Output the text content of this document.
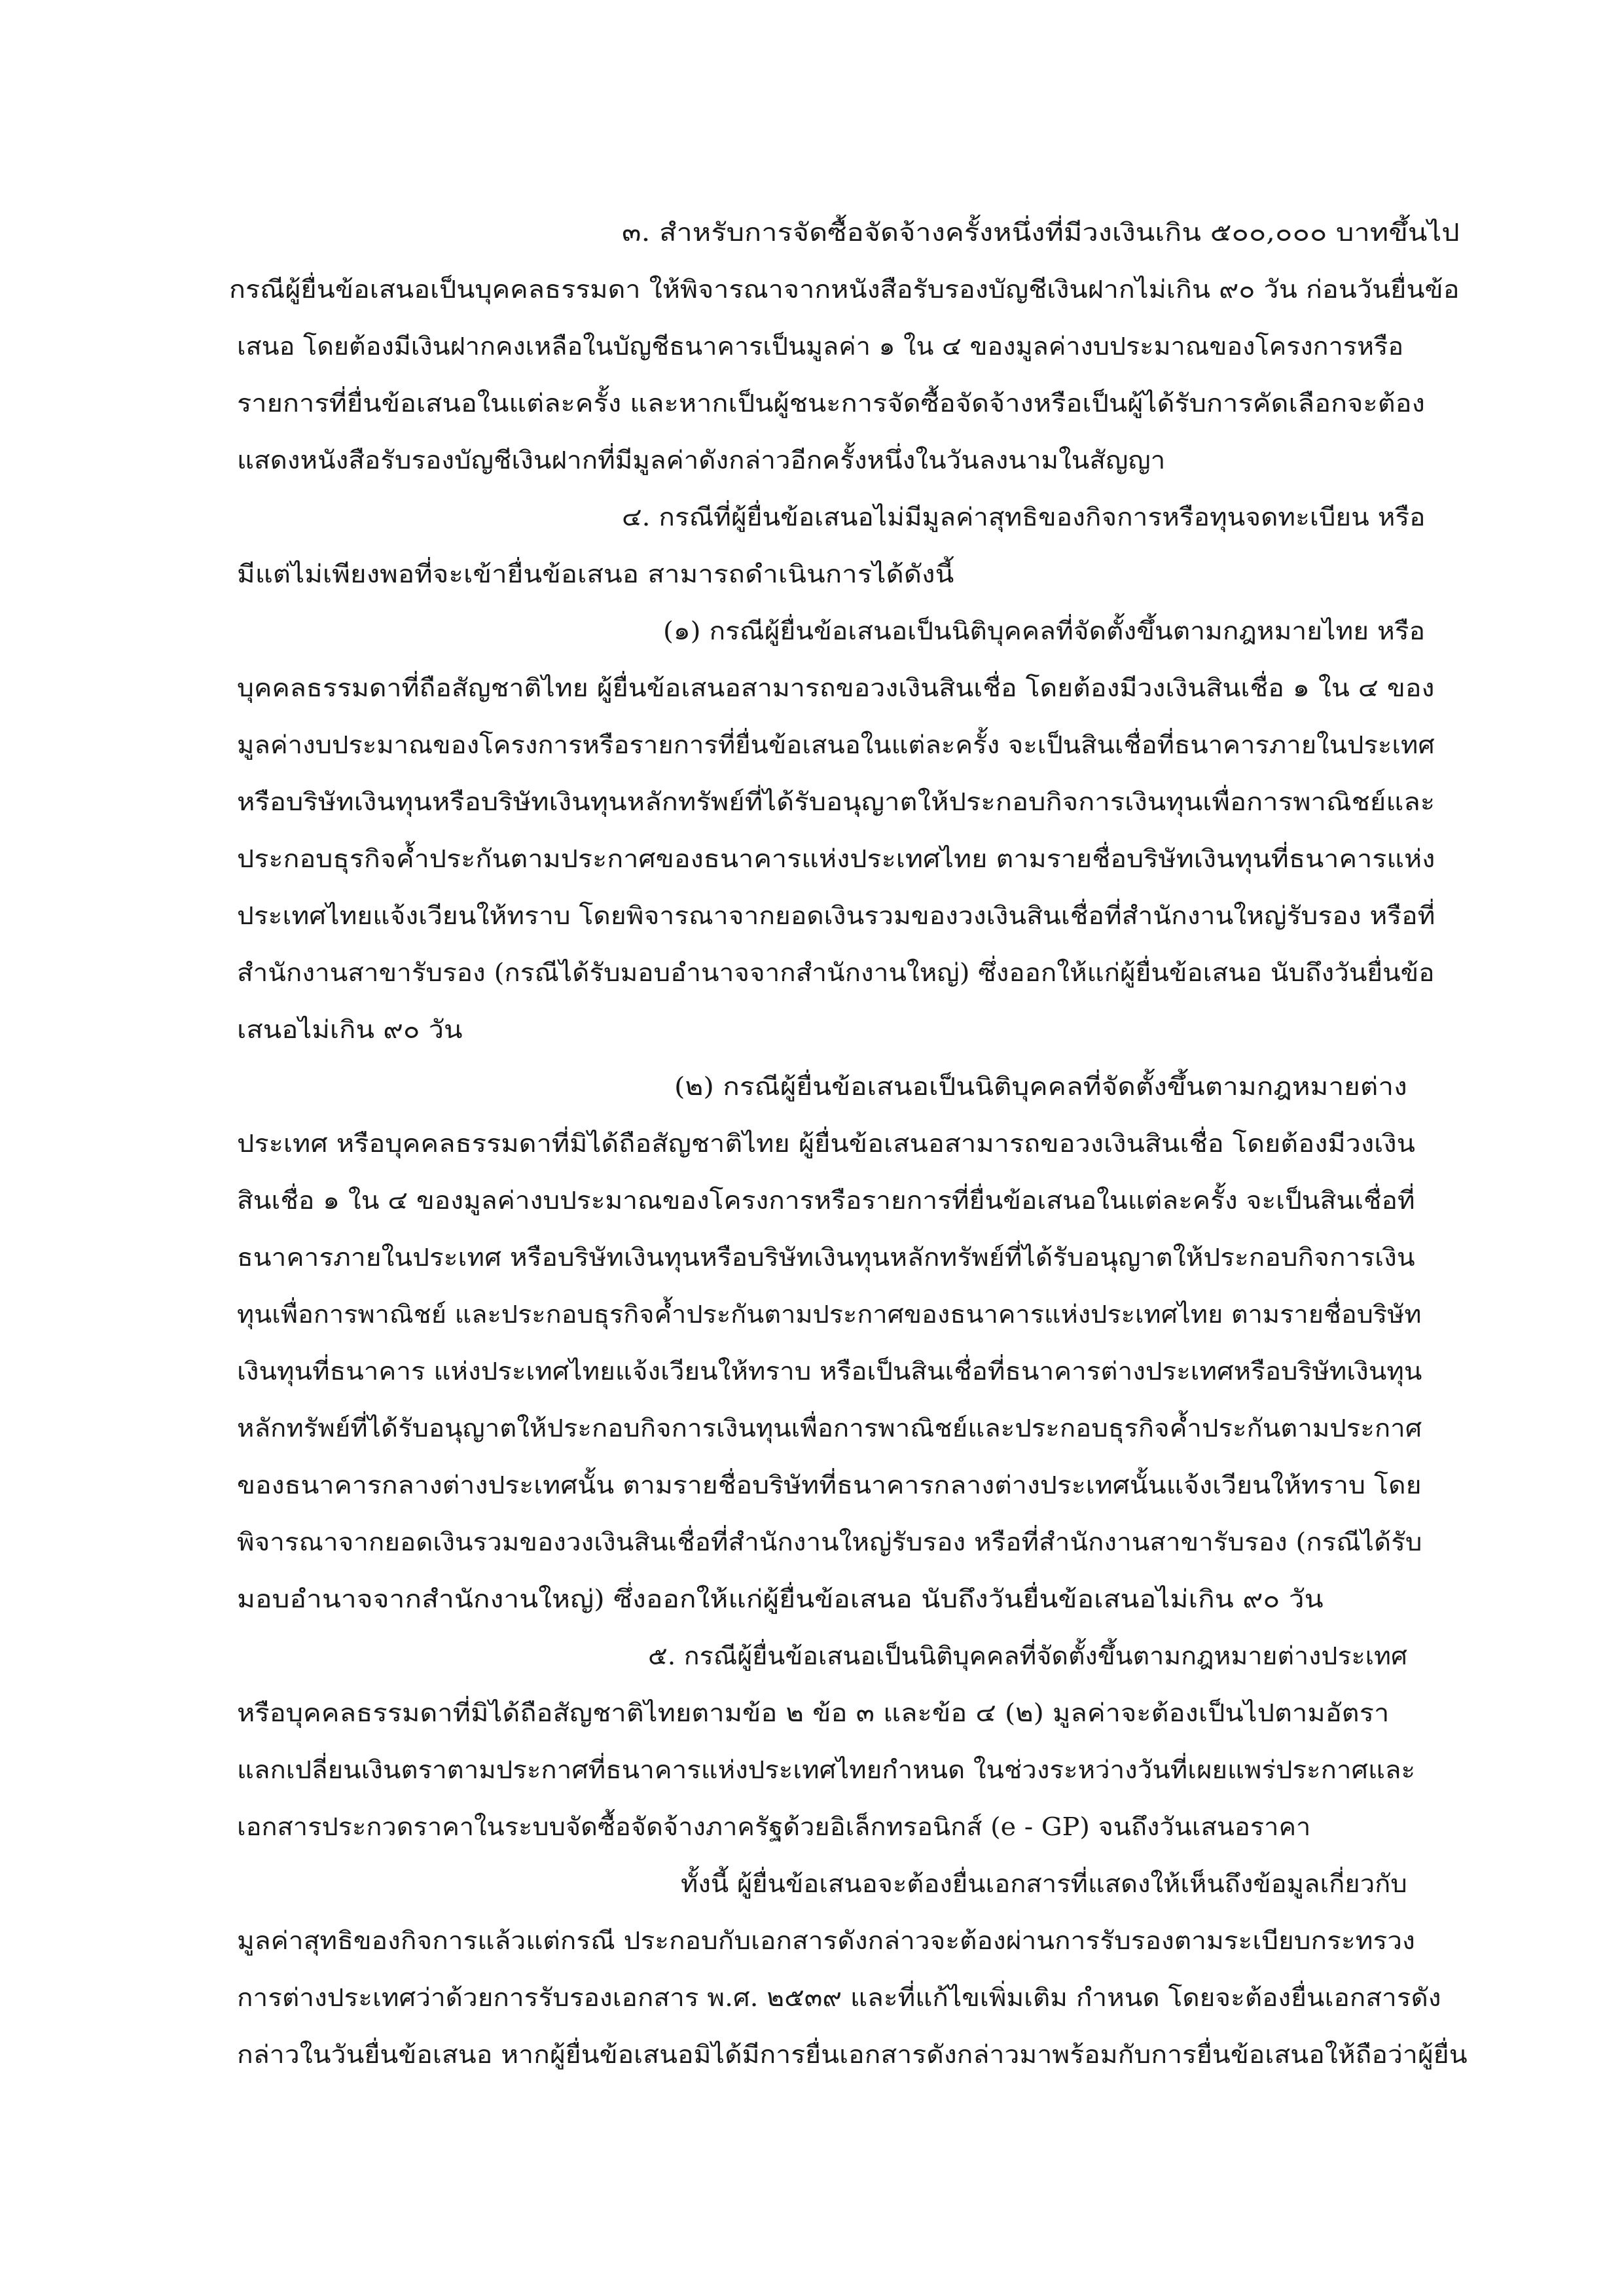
๓. สำหรับการจัดซื้อจัดจ้างครั้งหนึ่งที่มีวงเงินเกิน ๕๐๐,๐๐๐ บาทขึ้นไป
กรณีผู้ยื่นข้อเสนอเป็นบุคคลธรรมดา ให้พิจารณาจากหนังสือรับรองบัญชีเงินฝากไม่เกิน ๙๐ วัน ก่อนวันยื่นข้อ
เสนอ โดยต้องมีเงินฝากคงเหลือในบัญชีธนาคารเป็นมูลค่า ๑ ใน ๔ ของมูลค่างบประมาณของโครงการหรือ
รายการที่ยื่นข้อเสนอในแต่ละครั้ง และหากเป็นผู้ชนะการจัดซื้อจัดจ้างหรือเป็นผู้ได้รับการคัดเลือกจะต้อง
แสดงหนังสือรับรองบัญชีเงินฝากที่มีมูลค่าดังกล่าวอีกครั้งหนึ่งในวันลงนามในสัญญา
๔. กรณีที่ผู้ยื่นข้อเสนอไม่มีมูลค่าสุทธิของกิจการหรือทุนจดทะเบียน หรือ
มีแต่ไม่เพียงพอที่จะเข้ายื่นข้อเสนอ สามารถดำเนินการได้ดังนี้
(๑) กรณีผู้ยื่นข้อเสนอเป็นนิติบุคคลที่จัดตั้งขึ้นตามกฎหมายไทย หรือ
บุคคลธรรมดาที่ถือสัญชาติไทย ผู้ยื่นข้อเสนอสามารถขอวงเงินสินเชื่อ โดยต้องมีวงเงินสินเชื่อ ๑ ใน ๔ ของ
มูลค่างบประมาณของโครงการหรือรายการที่ยื่นข้อเสนอในแต่ละครั้ง จะเป็นสินเชื่อที่ธนาคารภายในประเทศ
หรือบริษัทเงินทุนหรือบริษัทเงินทุนหลักทรัพย์ที่ได้รับอนุญาตให้ประกอบกิจการเงินทุนเพื่อการพาณิชย์และ
ประกอบธุรกิจค้ำประกันตามประกาศของธนาคารแห่งประเทศไทย ตามรายชื่อบริษัทเงินทุนที่ธนาคารแห่ง
ประเทศไทยแจ้งเวียนให้ทราบ โดยพิจารณาจากยอดเงินรวมของวงเงินสินเชื่อที่สำนักงานใหญ่รับรอง หรือที่
สำนักงานสาขารับรอง (กรณีได้รับมอบอำนาจจากสำนักงานใหญ่) ซึ่งออกให้แก่ผู้ยื่นข้อเสนอ นับถึงวันยื่นข้อ
เสนอไม่เกิน ๙๐ วัน
(๒) กรณีผู้ยื่นข้อเสนอเป็นนิติบุคคลที่จัดตั้งขึ้นตามกฎหมายต่าง
ประเทศ หรือบุคคลธรรมดาที่มิได้ถือสัญชาติไทย ผู้ยื่นข้อเสนอสามารถขอวงเงินสินเชื่อ โดยต้องมีวงเงิน
สินเชื่อ ๑ ใน ๔ ของมูลค่างบประมาณของโครงการหรือรายการที่ยื่นข้อเสนอในแต่ละครั้ง จะเป็นสินเชื่อที่
ธนาคารภายในประเทศ หรือบริษัทเงินทุนหรือบริษัทเงินทุนหลักทรัพย์ที่ได้รับอนุญาตให้ประกอบกิจการเงิน
ทุนเพื่อการพาณิชย์ และประกอบธุรกิจค้ำประกันตามประกาศของธนาคารแห่งประเทศไทย ตามรายชื่อบริษัท
เงินทุนที่ธนาคาร แห่งประเทศไทยแจ้งเวียนให้ทราบ หรือเป็นสินเชื่อที่ธนาคารต่างประเทศหรือบริษัทเงินทุน
หลักทรัพย์ที่ได้รับอนุญาตให้ประกอบกิจการเงินทุนเพื่อการพาณิชย์และประกอบธุรกิจค้ำประกันตามประกาศ
ของธนาคารกลางต่างประเทศนั้น ตามรายชื่อบริษัทที่ธนาคารกลางต่างประเทศนั้นแจ้งเวียนให้ทราบ โดย
พิจารณาจากยอดเงินรวมของวงเงินสินเชื่อที่สำนักงานใหญ่รับรอง หรือที่สำนักงานสาขารับรอง (กรณีได้รับ
มอบอำนาจจากสำนักงานใหญ่) ซึ่งออกให้แก่ผู้ยื่นข้อเสนอ นับถึงวันยื่นข้อเสนอไม่เกิน ๙๐ วัน
๕. กรณีผู้ยื่นข้อเสนอเป็นนิติบุคคลที่จัดตั้งขึ้นตามกฎหมายต่างประเทศ
หรือบุคคลธรรมดาที่มิได้ถือสัญชาติไทยตามข้อ ๒ ข้อ ๓ และข้อ ๔ (๒) มูลค่าจะต้องเป็นไปตามอัตรา
แลกเปลี่ยนเงินตราตามประกาศที่ธนาคารแห่งประเทศไทยกำหนด ในช่วงระหว่างวันที่เผยแพร่ประกาศและ
เอกสารประกวดราคาในระบบจัดซื้อจัดจ้างภาครัฐด้วยอิเล็กทรอนิกส์ (e - GP) จนถึงวันเสนอราคา
ทั้งนี้ ผู้ยื่นข้อเสนอจะต้องยื่นเอกสารที่แสดงให้เห็นถึงข้อมูลเกี่ยวกับ
มูลค่าสุทธิของกิจการแล้วแต่กรณี ประกอบกับเอกสารดังกล่าวจะต้องผ่านการรับรองตามระเบียบกระทรวง
การต่างประเทศว่าด้วยการรับรองเอกสาร พ.ศ. ๒๕๓๙ และที่แก้ไขเพิ่มเติม กำหนด โดยจะต้องยื่นเอกสารดัง
กล่าวในวันยื่นข้อเสนอ หากผู้ยื่นข้อเสนอมิได้มีการยื่นเอกสารดังกล่าวมาพร้อมกับการยื่นข้อเสนอให้ถือว่าผู้ยื่น
